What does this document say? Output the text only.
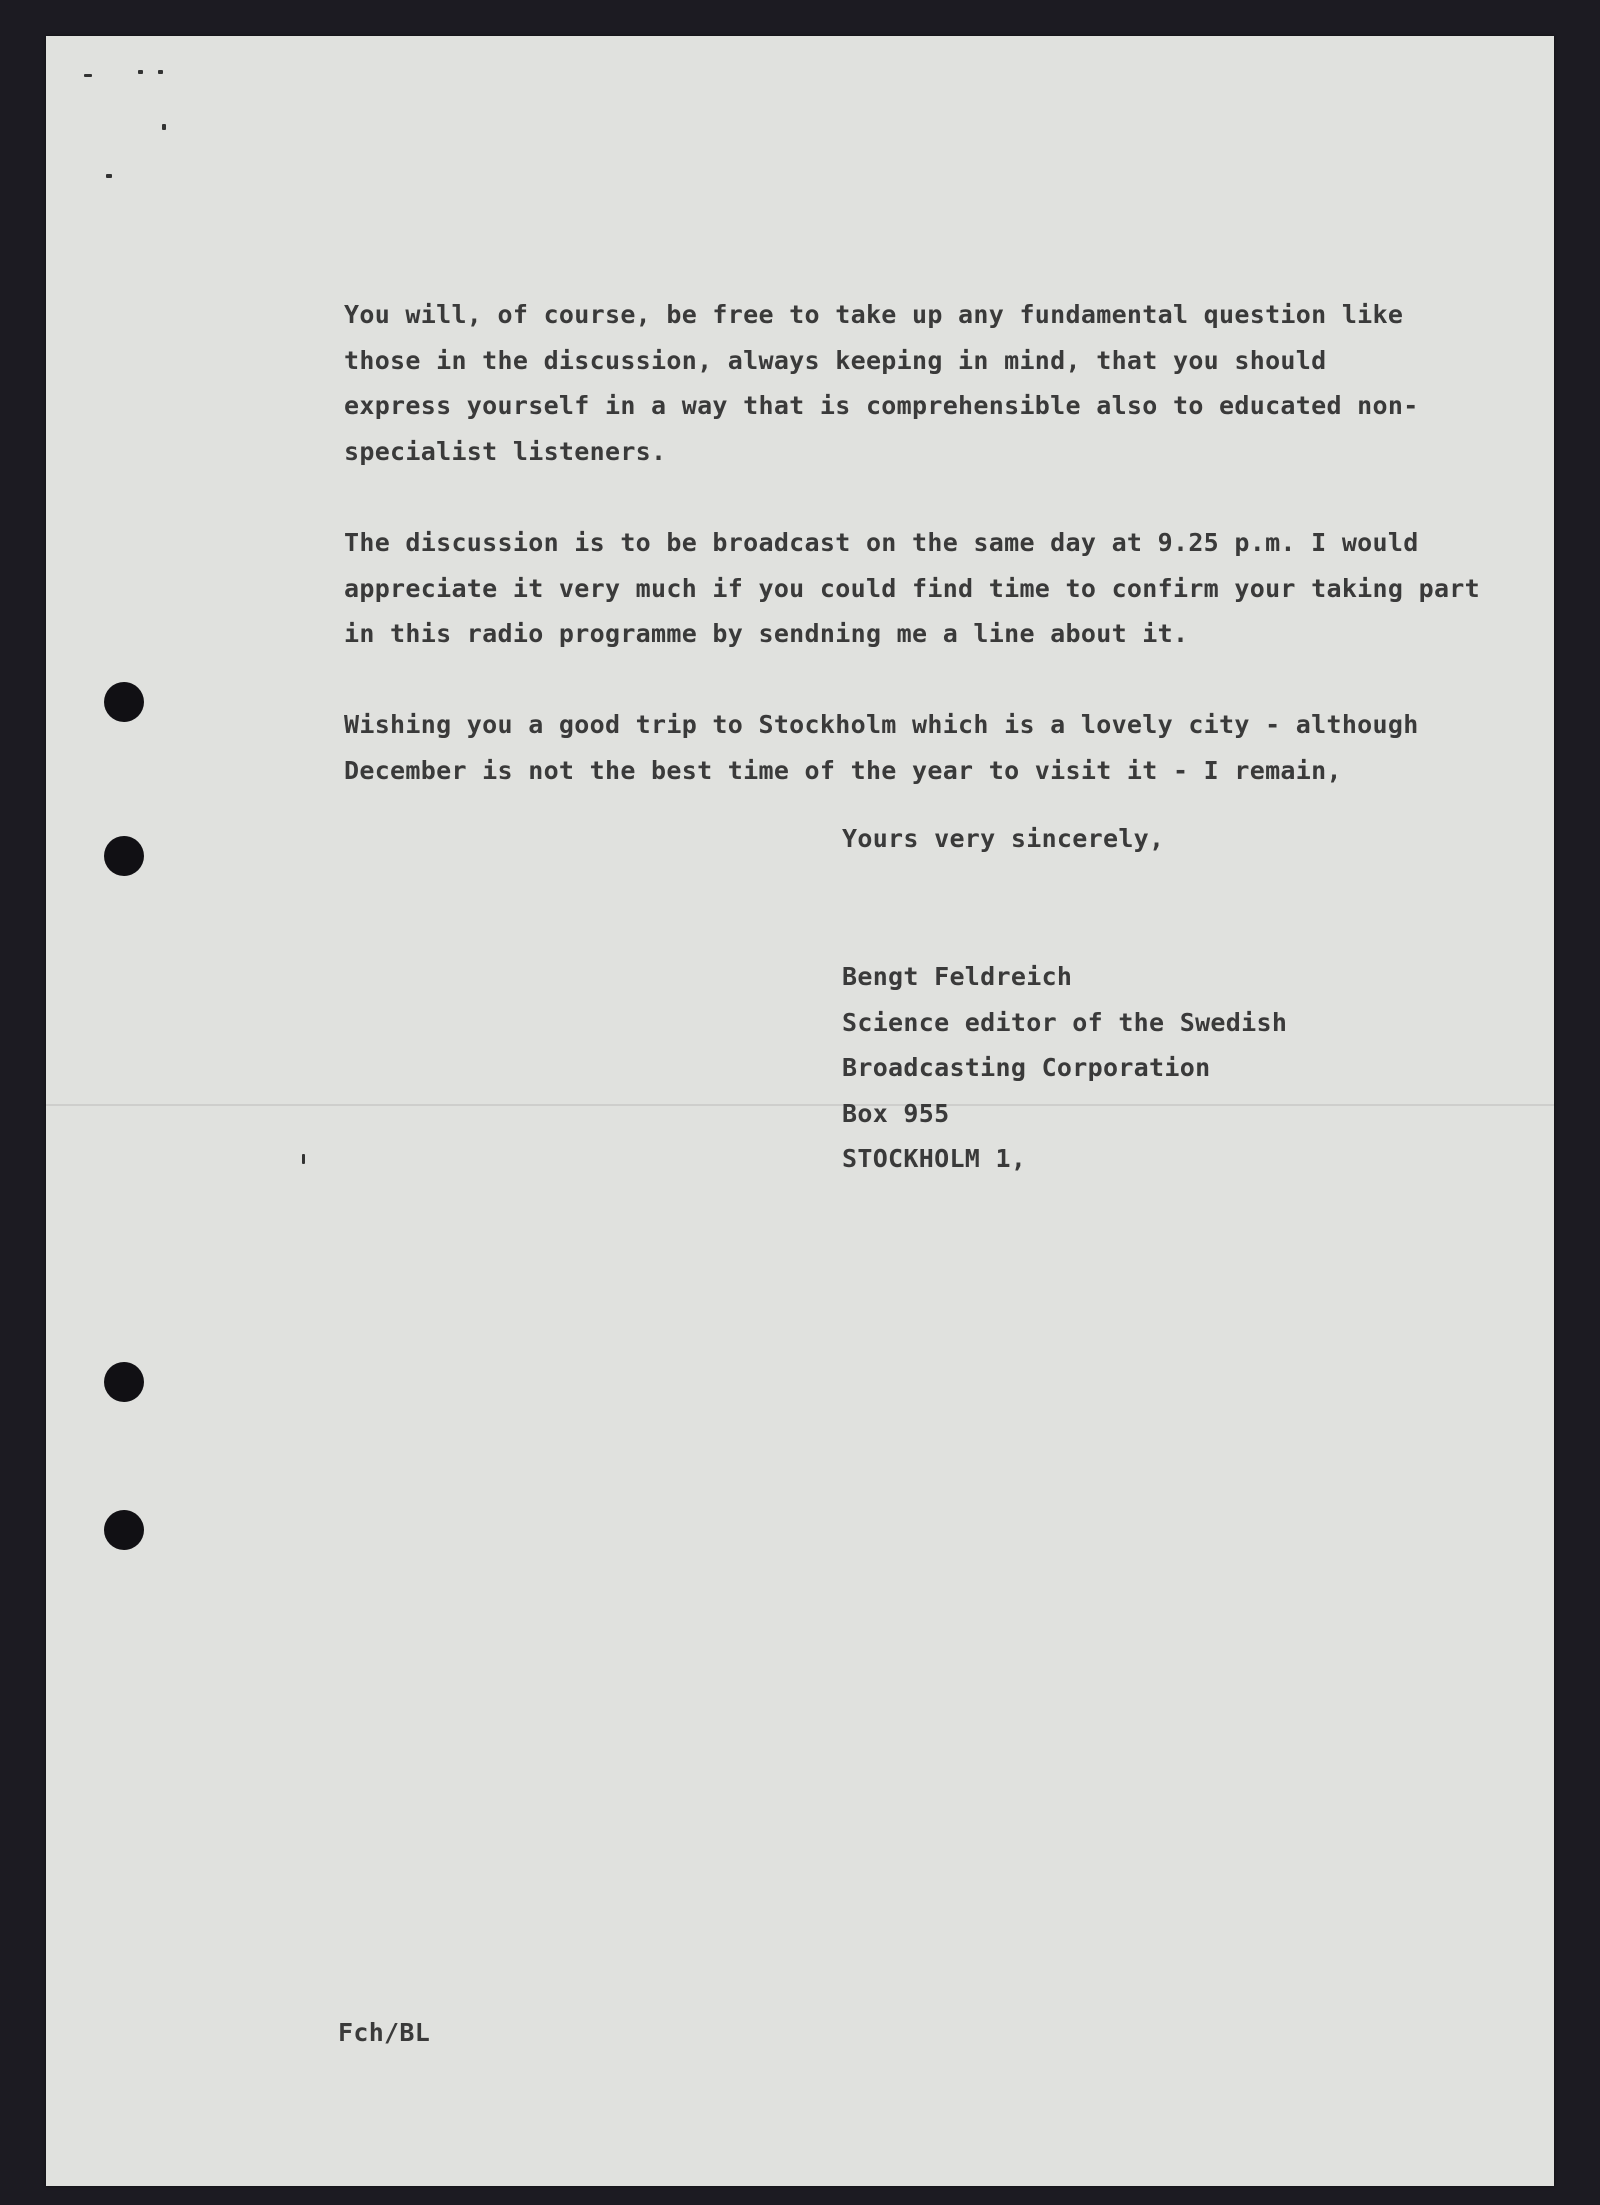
You will, of course, be free to take up any fundamental question like
those in the discussion, always keeping in mind, that you should
express yourself in a way that is comprehensible also to educated non-
specialist listeners.
The discussion is to be broadcast on the same day at 9.25 p.m. I would
appreciate it very much if you could find time to confirm your taking part
in this radio programme by sendning me a line about it.
Wishing you a good trip to Stockholm which is a lovely city - although
December is not the best time of the year to visit it - I remain,
Yours very sincerely,
Bengt Feldreich
Science editor of the Swedish
Broadcasting Corporation
Box 955
STOCKHOLM 1,
Fch/BL
